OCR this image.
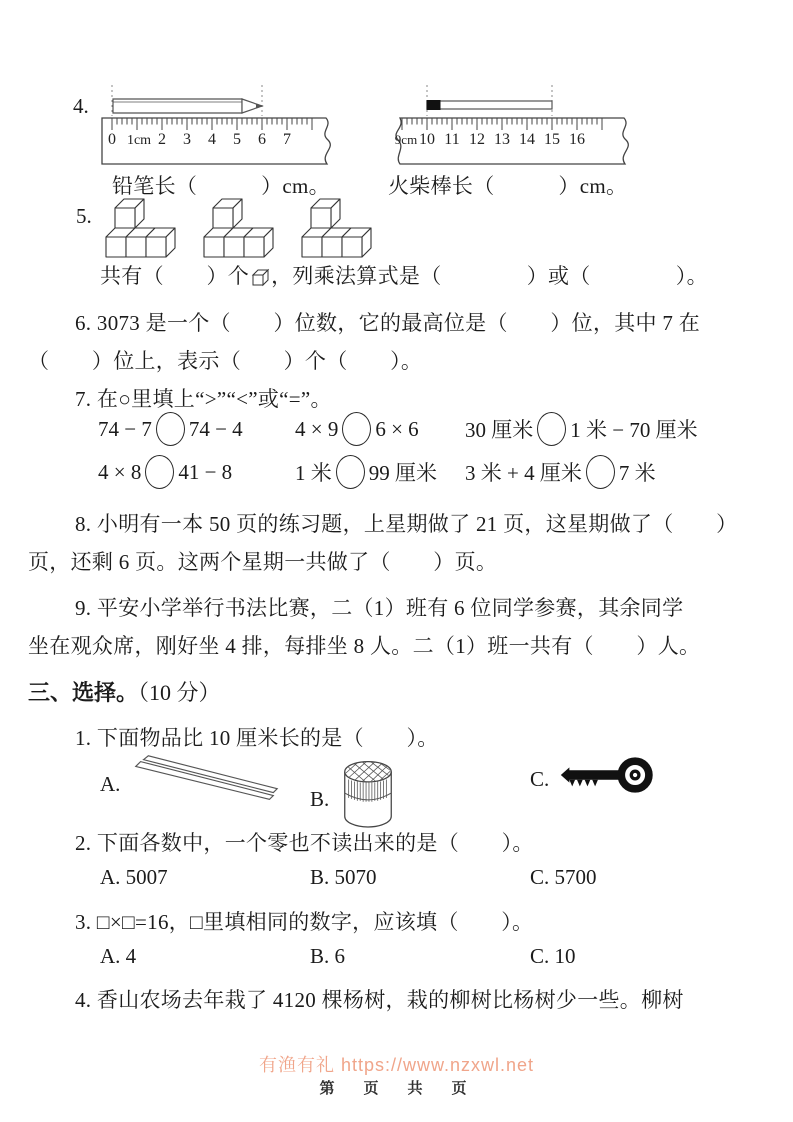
4.
0 1cm 2 3 4 5 6 7	9cm 10 11 12 13 14 15 16
铅笔长（　　　）cm。	火柴棒长（　　　）cm。
5.
共有（　　）个 ，列乘法算式是（　　　　）或（　　　　）。
6. 3073 是一个（　　）位数，它的最高位是（　　）位，其中 7 在
（　　）位上，表示（　　）个（　　）。
7. 在○里填上“>”“<”或“=”。
74 − 7 74 − 4 4 × 9 6 × 6 30 厘米 1 米 − 70 厘米
4 × 8 41 − 8	1 米 99 厘米 3 米 + 4 厘米 7 米
8. 小明有一本 50 页的练习题，上星期做了 21 页，这星期做了（　　）
页，还剩 6 页。这两个星期一共做了（　　）页。
9. 平安小学举行书法比赛，二（1）班有 6 位同学参赛，其余同学
坐在观众席，刚好坐 4 排，每排坐 8 人。二（1）班一共有（　　）人。
三、选择。（10 分）
1. 下面物品比 10 厘米长的是（　　）。
A.
B.
C.
2. 下面各数中，一个零也不读出来的是（　　）。
A. 5007	B. 5070	C. 5700
3. □×□=16，□里填相同的数字，应该填（　　）。
A. 4	B. 6	C. 10
4. 香山农场去年栽了 4120 棵杨树，栽的柳树比杨树少一些。柳树
有渔有礼 https://www.nzxwl.net
第　页　共　页
